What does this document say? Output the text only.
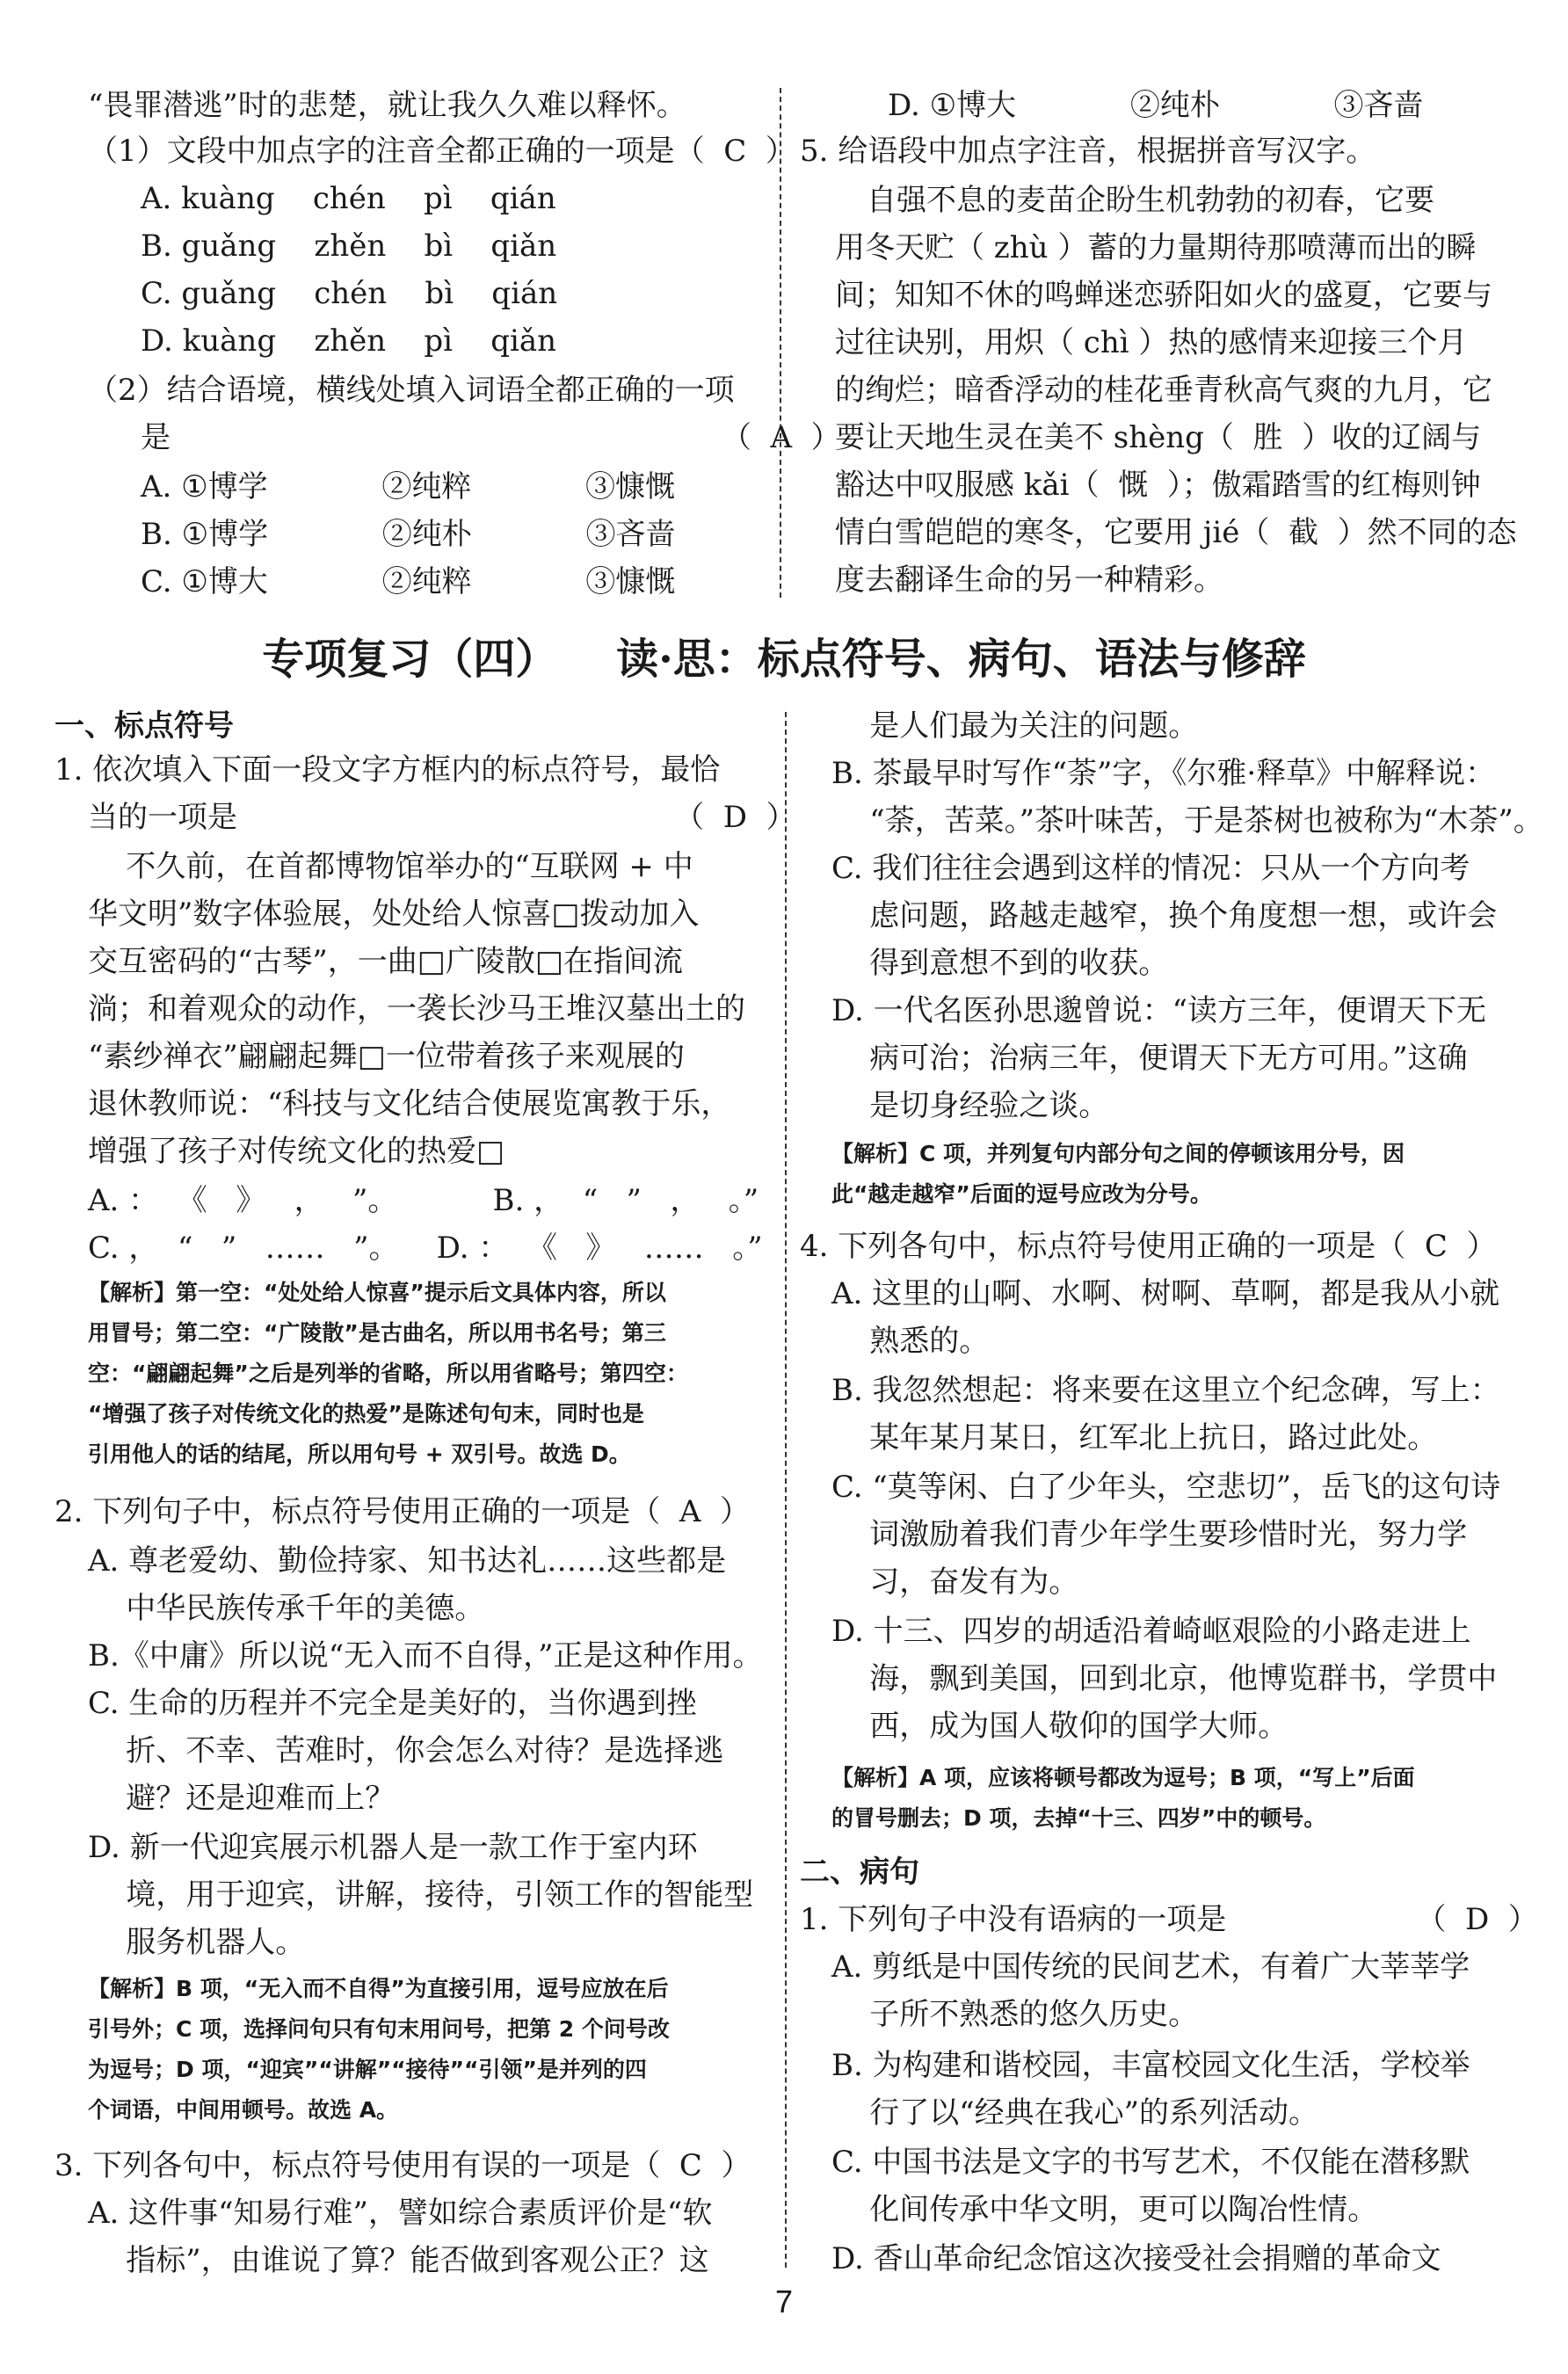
“畏罪潜逃”时的悲楚，就让我久久难以释怀。
（1）文段中加点字的注音全都正确的一项是（  C  ）
A. kuàng    chén    pì    qián
B. guǎng    zhěn    bì    qiǎn
C. guǎng    chén    bì    qián
D. kuàng    zhěn    pì    qiǎn
（2）结合语境，横线处填入词语全都正确的一项
是                                                          （  A  ）
A. ①博学            ②纯粹            ③慷慨
B. ①博学            ②纯朴            ③吝啬
C. ①博大            ②纯粹            ③慷慨
D. ①博大            ②纯朴            ③吝啬
5. 给语段中加点字注音，根据拼音写汉字。
自强不息的麦苗企盼生机勃勃的初春，它要
用冬天贮（ zhù ）蓄的力量期待那喷薄而出的瞬
间；知知不休的鸣蝉迷恋骄阳如火的盛夏，它要与
过往诀别，用炽（ chì ）热的感情来迎接三个月
的绚烂；暗香浮动的桂花垂青秋高气爽的九月，它
要让天地生灵在美不 shèng（  胜  ）收的辽阔与
豁达中叹服感 kǎi（  慨  ）；傲霜踏雪的红梅则钟
情白雪皑皑的寒冬，它要用 jié（  截  ）然不同的态
度去翻译生命的另一种精彩。
专项复习（四）    读·思：标点符号、病句、语法与修辞
一、标点符号
1. 依次填入下面一段文字方框内的标点符号，最恰
当的一项是                                              （  D  ）
不久前，在首都博物馆举办的“互联网 + 中
华文明”数字体验展，处处给人惊喜□拨动加入
交互密码的“古琴”，一曲□广陵散□在指间流
淌；和着观众的动作，一袭长沙马王堆汉墓出土的
“素纱禅衣”翩翩起舞□一位带着孩子来观展的
退休教师说：“科技与文化结合使展览寓教于乐，
增强了孩子对传统文化的热爱□
A. ：  《   》   ，   ”。          B. ，  “   ”   ，   。”
C. ，  “   ”   ……   ”。    D. ：  《   》   ……   。”
【解析】第一空：“处处给人惊喜”提示后文具体内容，所以
用冒号；第二空：“广陵散”是古曲名，所以用书名号；第三
空：“翩翩起舞”之后是列举的省略，所以用省略号；第四空：
“增强了孩子对传统文化的热爱”是陈述句句末，同时也是
引用他人的话的结尾，所以用句号 + 双引号。故选 D。
2. 下列句子中，标点符号使用正确的一项是（  A  ）
A. 尊老爱幼、勤俭持家、知书达礼……这些都是
中华民族传承千年的美德。
B.《中庸》所以说“无入而不自得，”正是这种作用。
C. 生命的历程并不完全是美好的，当你遇到挫
折、不幸、苦难时，你会怎么对待？是选择逃
避？还是迎难而上？
D. 新一代迎宾展示机器人是一款工作于室内环
境，用于迎宾，讲解，接待，引领工作的智能型
服务机器人。
【解析】B 项，“无入而不自得”为直接引用，逗号应放在后
引号外；C 项，选择问句只有句末用问号，把第 2 个问号改
为逗号；D 项，“迎宾”“讲解”“接待”“引领”是并列的四
个词语，中间用顿号。故选 A。
3. 下列各句中，标点符号使用有误的一项是（  C  ）
A. 这件事“知易行难”，譬如综合素质评价是“软
指标”，由谁说了算？能否做到客观公正？这
是人们最为关注的问题。
B. 茶最早时写作“荼”字，《尔雅·释草》中解释说：
“荼，苦菜。”茶叶味苦，于是茶树也被称为“木荼”。
C. 我们往往会遇到这样的情况：只从一个方向考
虑问题，路越走越窄，换个角度想一想，或许会
得到意想不到的收获。
D. 一代名医孙思邈曾说：“读方三年，便谓天下无
病可治；治病三年，便谓天下无方可用。”这确
是切身经验之谈。
【解析】C 项，并列复句内部分句之间的停顿该用分号，因
此“越走越窄”后面的逗号应改为分号。
4. 下列各句中，标点符号使用正确的一项是（  C  ）
A. 这里的山啊、水啊、树啊、草啊，都是我从小就
熟悉的。
B. 我忽然想起：将来要在这里立个纪念碑，写上：
某年某月某日，红军北上抗日，路过此处。
C. “莫等闲、白了少年头，空悲切”，岳飞的这句诗
词激励着我们青少年学生要珍惜时光，努力学
习，奋发有为。
D. 十三、四岁的胡适沿着崎岖艰险的小路走进上
海，飘到美国，回到北京，他博览群书，学贯中
西，成为国人敬仰的国学大师。
【解析】A 项，应该将顿号都改为逗号；B 项，“写上”后面
的冒号删去；D 项，去掉“十三、四岁”中的顿号。
二、病句
1. 下列句子中没有语病的一项是                    （  D  ）
A. 剪纸是中国传统的民间艺术，有着广大莘莘学
子所不熟悉的悠久历史。
B. 为构建和谐校园，丰富校园文化生活，学校举
行了以“经典在我心”的系列活动。
C. 中国书法是文字的书写艺术，不仅能在潜移默
化间传承中华文明，更可以陶冶性情。
D. 香山革命纪念馆这次接受社会捐赠的革命文
7
